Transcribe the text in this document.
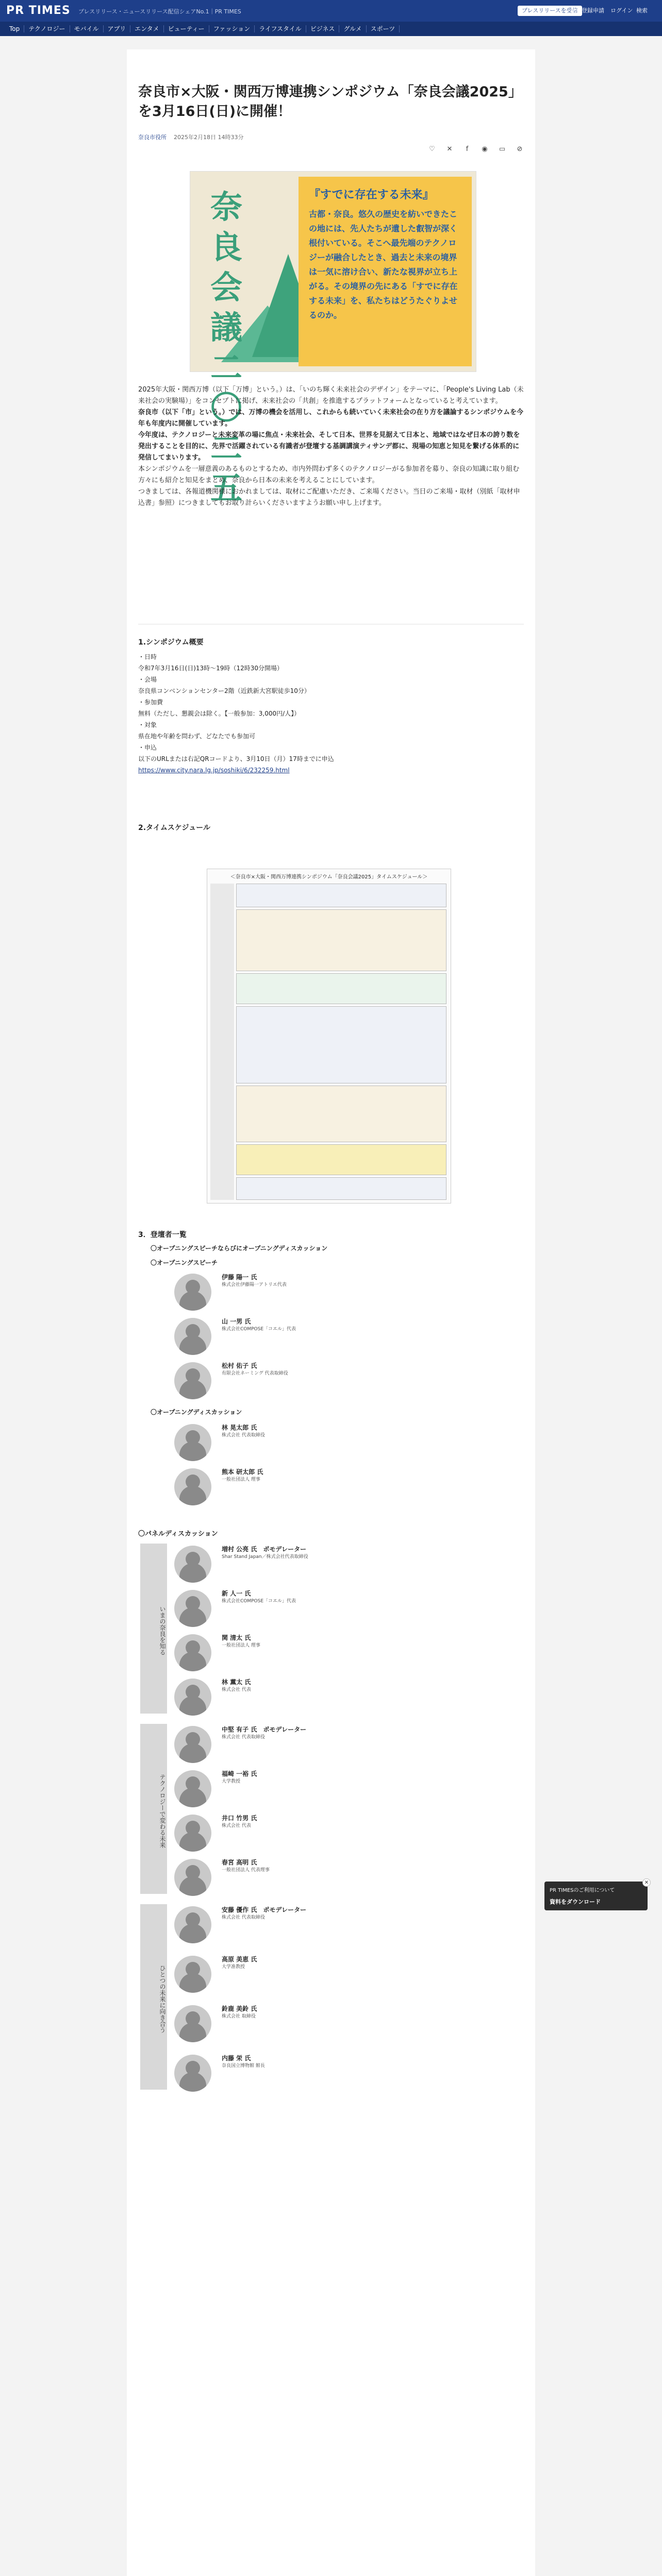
PR TIMES プレスリリース・ニュースリリース配信シェアNo.1｜PR TIMES	プレスリリースを受信
企業登録申請	ログイン 検索
Top	テクノロジー	モバイル	アプリ	エンタメ	ビューティー	ファッション	ライフスタイル	ビジネス	グルメ	スポーツ
奈良市×大阪・関西万博連携シンポジウム「奈良会議2025」を3月16日(日)に開催！
奈良市役所 2025年2月18日 14時33分
♡ ✕	f	◉ ▭ ⊘
奈良会議二〇二五
『すでに存在する未来』
古都・奈良。悠久の歴史を紡いできたこの地には、先人たちが遺した叡智が深く根付いている。そこへ最先端のテクノロジーが融合したとき、過去と未来の境界は一気に溶け合い、新たな視界が立ち上がる。その境界の先にある「すでに存在する未来」を、私たちはどうたぐりよせるのか。

2025年大阪・関西万博（以下「万博」という。）は、「いのち輝く未来社会のデザイン」をテーマに、「People's Living Lab（未来社会の実験場）」をコンセプトに掲げ、未来社会の「共創」を推進するプラットフォームとなっていると考えています。

奈良市（以下「市」という。）では、万博の機会を活用し、これからも続いていく未来社会の在り方を議論するシンポジウムを今年も年度内に開催しています。

今年度は、テクノロジーと未来変革の場に焦点・未来社会、そして日本、世界を見据えて日本と、地域ではなぜ日本の誇り数を発出することを目的に、先界で活躍されている有識者が登壇する基調講演ティサンデ都に、現場の知恵と知見を繋げる体系的に発信してまいります。

本シンポジウムを一層意義のあるものとするため、市内外問わず多くのテクノロジーがる参加者を募り、奈良の知識に取り組む方々にも紹介と知見をまとめ、奈良から日本の未来を考えることにしています。

つきましては、各報道機関様におかれましては、取材にご配慮いただき、ご来場ください。当日のご来場・取材（別紙「取材申込書」参照）につきましてもお取り計らいくださいますようお願い申し上げます。

1.シンポジウム概要
・日時
令和7年3月16日(日)13時～19時（12時30分開場）
・会場
奈良県コンベンションセンター2階（近鉄新大宮駅徒歩10分）
・参加費
無料（ただし、懇親会は除く。【一般参加：3,000円/人】）
・対象
県在地や年齢を問わず、どなたでも参加可
・申込
以下のURLまたは右記QRコードより、3月10日（月）17時までに申込
https://www.city.nara.lg.jp/soshiki/6/232259.html
2.タイムスケジュール
＜奈良市×大阪・関西万博連携シンポジウム「奈良会議2025」タイムスケジュール＞
3．登壇者一覧
〇オープニングスピーチならびにオープニングディスカッション
〇オープニングスピーチ
伊藤 陽一 氏
株式会社伊藤陽一アトリエ代表
山 一男 氏
株式会社COMPOSE「コエル」代表
松村 佑子 氏
有限会社ネーミング 代表取締役
〇オープニングディスカッション
林 晃太郎 氏
株式会社 代表取締役
熊本 研太郎 氏
一般社団法人 理事
〇パネルディスカッション
いまの奈良を知る
増村 公亮 氏　ポモデレーター
Shar Stand Japan／株式会社代表取締役
新 人一 氏
株式会社COMPOSE「コエル」代表
関 清太 氏
一般社団法人 理事
林 薫太 氏
株式会社 代表
テクノロジーで変わる未来
中堅 有子 氏　ポモデレーター
株式会社 代表取締役
福崎 一裕 氏
大学教授
井口 竹男 氏
株式会社 代表
春宮 高明 氏
一般社団法人 代表理事
ひとつの未来に向き合う
安藤 優作 氏　ポモデレーター
株式会社 代表取締役
高原 美恵 氏
大学准教授
鈴鹿 美鈴 氏
株式会社 取締役
内藤 栄 氏
奈良国立博物館 館長
PR TIMESのご利用について
資料をダウンロード
✕
